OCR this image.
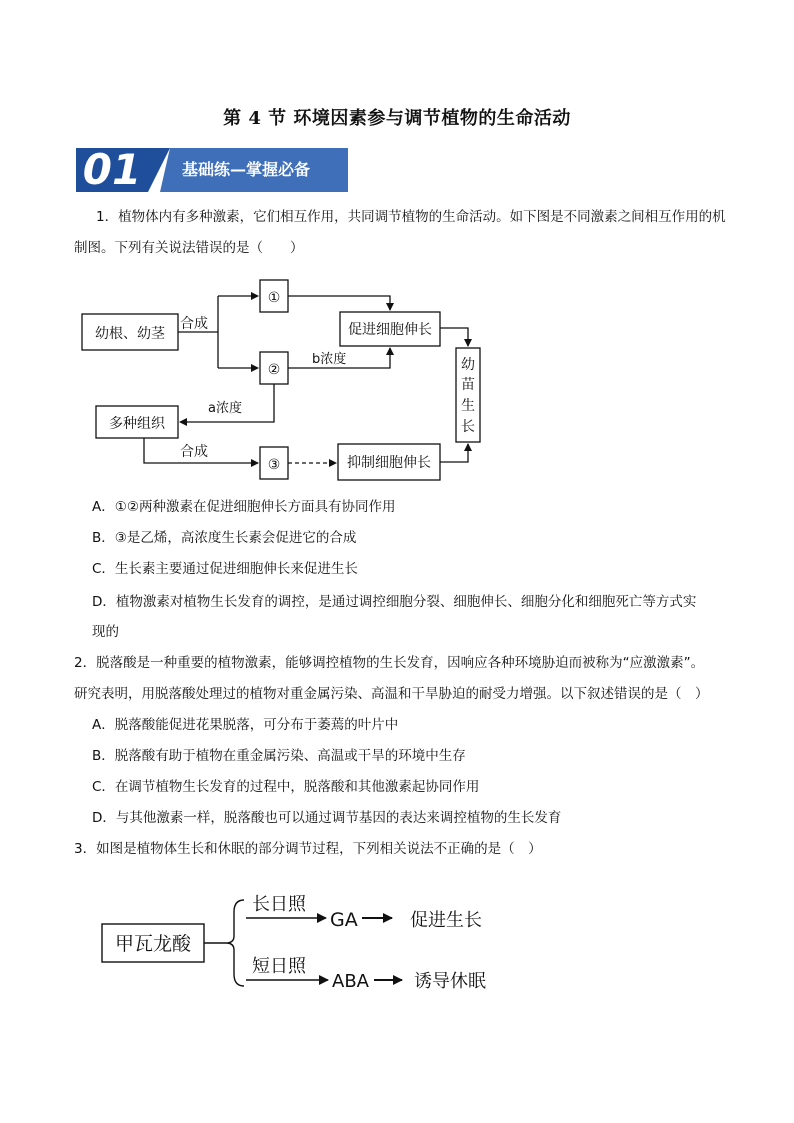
第 4 节 环境因素参与调节植物的生命活动
01	基础练—掌握必备
1．植物体内有多种激素，它们相互作用，共同调节植物的生命活动。如下图是不同激素之间相互作用的机
制图。下列有关说法错误的是（　　）
幼根、幼茎
合成
①
②
③
促进细胞伸长
抑制细胞伸长
b浓度
a浓度
多种组织
合成
幼
苗
生
长
A．①②两种激素在促进细胞伸长方面具有协同作用
B．③是乙烯，高浓度生长素会促进它的合成
C．生长素主要通过促进细胞伸长来促进生长
D．植物激素对植物生长发育的调控，是通过调控细胞分裂、细胞伸长、细胞分化和细胞死亡等方式实
现的
2．脱落酸是一种重要的植物激素，能够调控植物的生长发育，因响应各种环境胁迫而被称为“应激激素”。
研究表明，用脱落酸处理过的植物对重金属污染、高温和干旱胁迫的耐受力增强。以下叙述错误的是（　）
A．脱落酸能促进花果脱落，可分布于萎蔫的叶片中
B．脱落酸有助于植物在重金属污染、高温或干旱的环境中生存
C．在调节植物生长发育的过程中，脱落酸和其他激素起协同作用
D．与其他激素一样，脱落酸也可以通过调节基因的表达来调控植物的生长发育
3．如图是植物体生长和休眠的部分调节过程，下列相关说法不正确的是（　）
甲瓦龙酸
长日照
短日照
GA
ABA
促进生长
诱导休眠
